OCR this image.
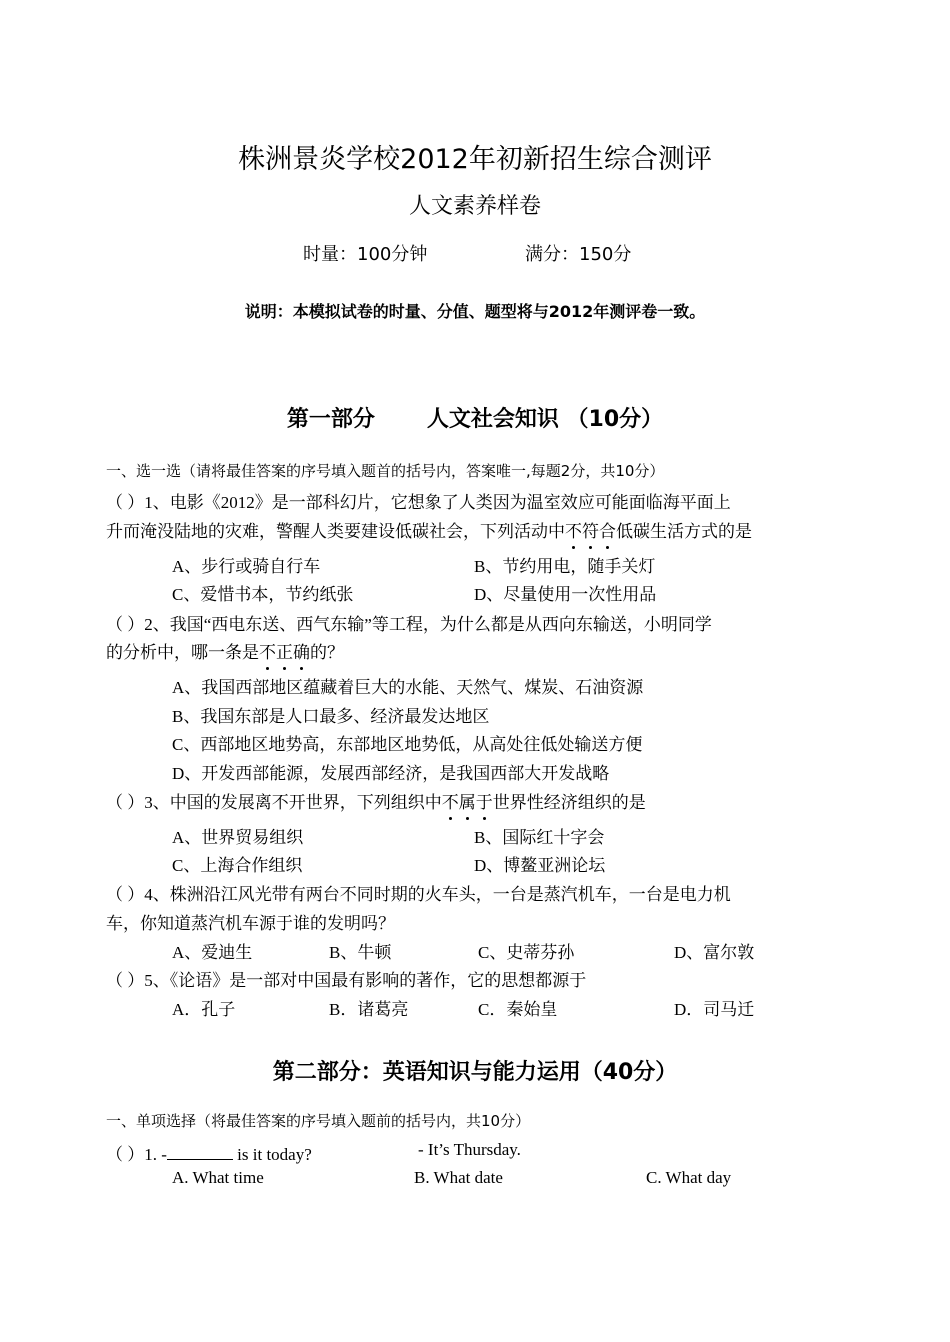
株洲景炎学校2012年初新招生综合测评
人文素养样卷
时量：100分钟	满分：150分
说明：本模拟试卷的时量、分值、题型将与2012年测评卷一致。
第一部分 人文社会知识 （10分）
一、选一选（请将最佳答案的序号填入题首的括号内，答案唯一,每题2分，共10分）
（ ）1、电影《2012》是一部科幻片，它想象了人类因为温室效应可能面临海平面上
升而淹没陆地的灾难，警醒人类要建设低碳社会，下列活动中不符合低碳生活方式的是
A、步行或骑自行车	B、节约用电，随手关灯
C、爱惜书本，节约纸张	D、尽量使用一次性用品
（ ）2、我国“西电东送、西气东输”等工程，为什么都是从西向东输送，小明同学
的分析中，哪一条是不正确的？
A、我国西部地区蕴藏着巨大的水能、天然气、煤炭、石油资源
B、我国东部是人口最多、经济最发达地区
C、西部地区地势高，东部地区地势低，从高处往低处输送方便
D、开发西部能源，发展西部经济，是我国西部大开发战略
（ ）3、中国的发展离不开世界，下列组织中不属于世界性经济组织的是
A、世界贸易组织	B、国际红十字会
C、上海合作组织	D、博鳌亚洲论坛
（ ）4、株洲沿江风光带有两台不同时期的火车头，一台是蒸汽机车，一台是电力机
车，你知道蒸汽机车源于谁的发明吗？
A、爱迪生	B、牛顿	C、史蒂芬孙	D、富尔敦
（ ）5、《论语》是一部对中国最有影响的著作，它的思想都源于
A．孔子	B．诸葛亮	C．秦始皇	D．司马迁
第二部分：英语知识与能力运用（40分）
一、单项选择（将最佳答案的序号填入题前的括号内，共10分）
（ ）1. -	is it today?	- It’s Thursday.
A. What time	B. What date	C. What day
